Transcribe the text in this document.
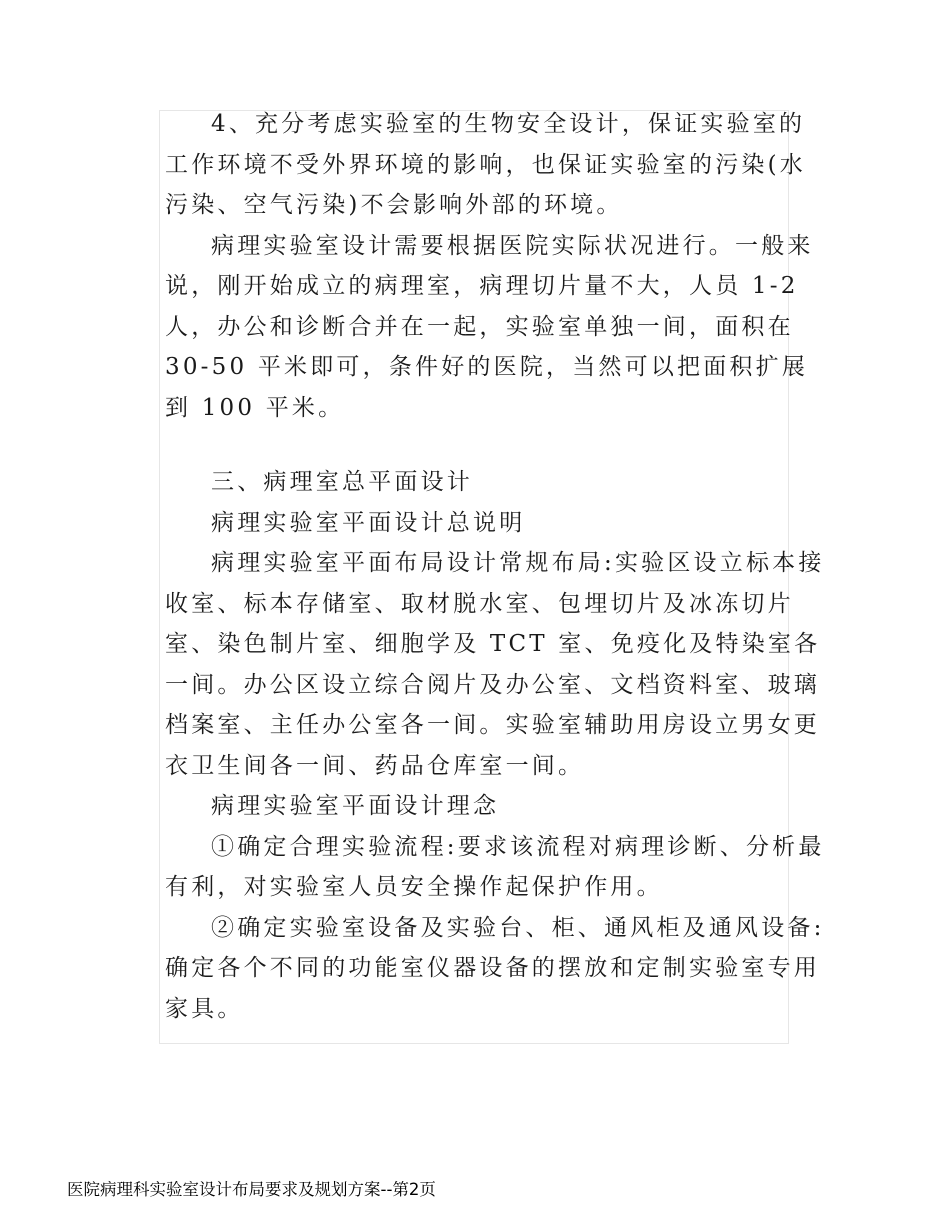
4、充分考虑实验室的生物安全设计，保证实验室的工作环境不受外界环境的影响，也保证实验室的污染(水污染、空气污染)不会影响外部的环境。

病理实验室设计需要根据医院实际状况进行。一般来说，刚开始成立的病理室，病理切片量不大，人员 1-2 人，办公和诊断合并在一起，实验室单独一间，面积在 30-50 平米即可，条件好的医院，当然可以把面积扩展到 100 平米。

三、病理室总平面设计

病理实验室平面设计总说明

病理实验室平面布局设计常规布局:实验区设立标本接收室、标本存储室、取材脱水室、包埋切片及冰冻切片室、染色制片室、细胞学及 TCT 室、免疫化及特染室各一间。办公区设立综合阅片及办公室、文档资料室、玻璃档案室、主任办公室各一间。实验室辅助用房设立男女更衣卫生间各一间、药品仓库室一间。

病理实验室平面设计理念

①确定合理实验流程:要求该流程对病理诊断、分析最有利，对实验室人员安全操作起保护作用。

②确定实验室设备及实验台、柜、通风柜及通风设备:确定各个不同的功能室仪器设备的摆放和定制实验室专用家具。

医院病理科实验室设计布局要求及规划方案--第2页
